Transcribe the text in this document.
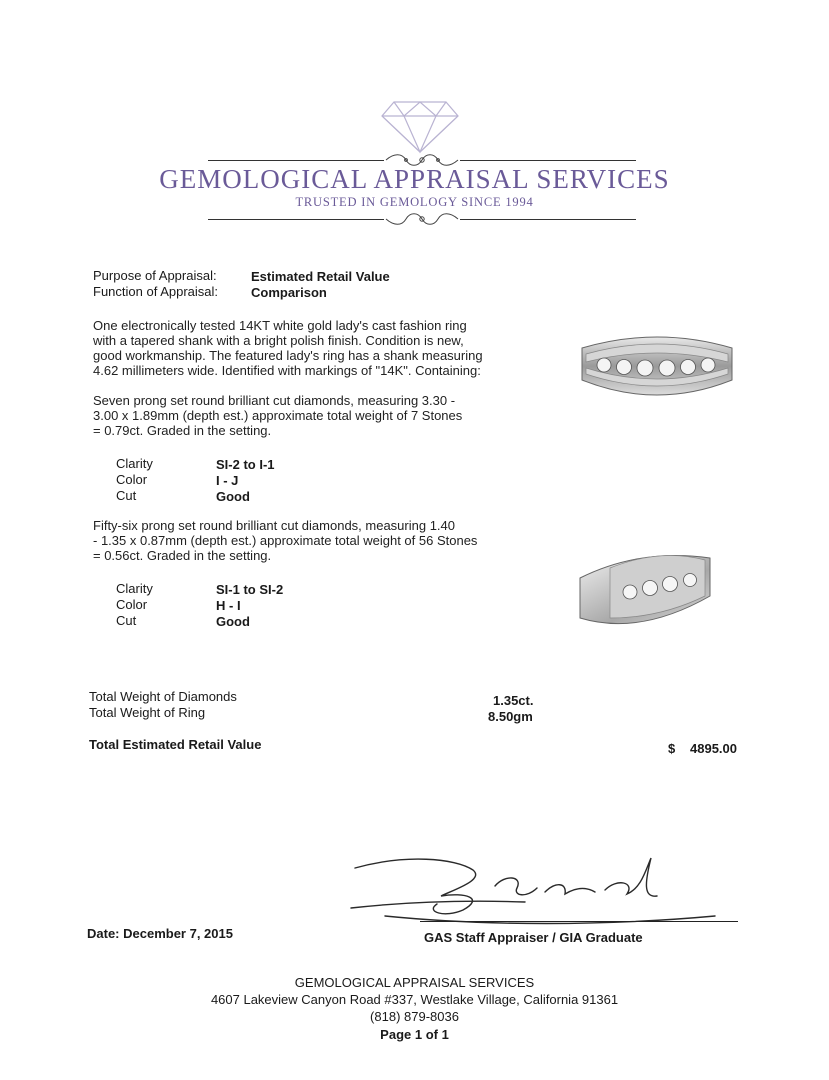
GEMOLOGICAL APPRAISAL SERVICES
TRUSTED IN GEMOLOGY SINCE 1994
Purpose of Appraisal:	Estimated Retail Value
Function of Appraisal:	Comparison
One electronically tested 14KT white gold lady's cast fashion ring
with a tapered shank with a bright polish finish. Condition is new,
good workmanship. The featured lady's ring has a shank measuring
4.62 millimeters wide. Identified with markings of "14K". Containing:
Seven prong set round brilliant cut diamonds, measuring 3.30 -
3.00 x 1.89mm (depth est.) approximate total weight of 7 Stones
= 0.79ct. Graded in the setting.
Clarity	SI-2 to I-1
Color	I - J
Cut	Good
Fifty-six prong set round brilliant cut diamonds, measuring 1.40
- 1.35 x 0.87mm (depth est.) approximate total weight of 56 Stones
= 0.56ct. Graded in the setting.
Clarity	SI-1 to SI-2
Color	H - I
Cut	Good
Total Weight of Diamonds	1.35ct.
Total Weight of Ring	8.50gm
Total Estimated Retail Value	$ 4895.00
Date: December 7, 2015	GAS Staff Appraiser / GIA Graduate
GEMOLOGICAL APPRAISAL SERVICES
4607 Lakeview Canyon Road #337, Westlake Village, California 91361
(818) 879-8036
Page 1 of 1
